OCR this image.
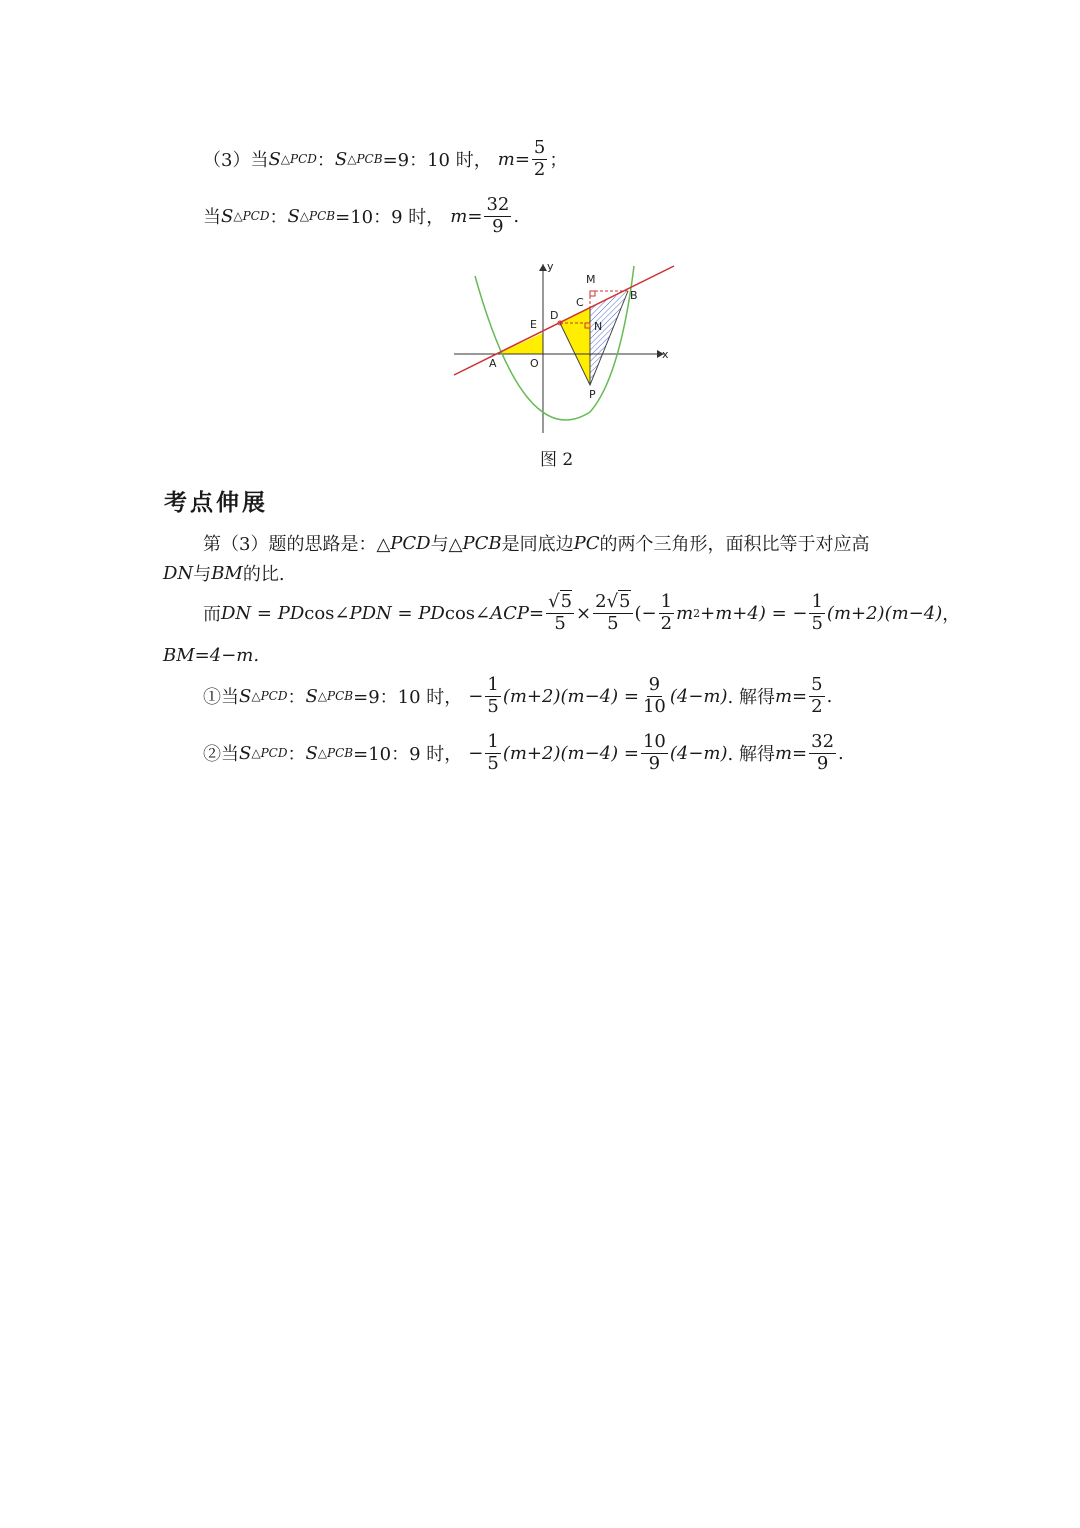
（3）当 S △PCD ： S △PCB =9：10 时， $m = \frac{5}{2}$ ；
当 S △PCD ： S △PCB =10：9 时， $m = \frac{32}{9}$ .
y
x
M
B
C
D
E	N
A	O
P
图 2
考点伸展
第（3）题的思路是：△ PCD 与△ PCB 是同底边 PC 的两个三角形，面积比等于对应高
DN 与 BM 的比.
而 DN = PD cos ∠PDN = PD cos ∠ACP = $\frac{√5}{5} \times \frac{2√5}{5}$ (− $\frac{1}{2}$ m 2 +m+4) = − $\frac{1}{5} (m+2)(m-4)$ ，
BM=4−m.
①当 S △PCD ： S △PCB =9：10 时， − $\frac{1}{5} (m+2)(m-4) = \frac{9}{10} (4-m)$ . 解得 $m = \frac{5}{2}$ .
②当 S △PCD ： S △PCB =10：9 时， − $\frac{1}{5} (m+2)(m-4) = \frac{10}{9} (4-m)$ . 解得 $m = \frac{32}{9}$ .
